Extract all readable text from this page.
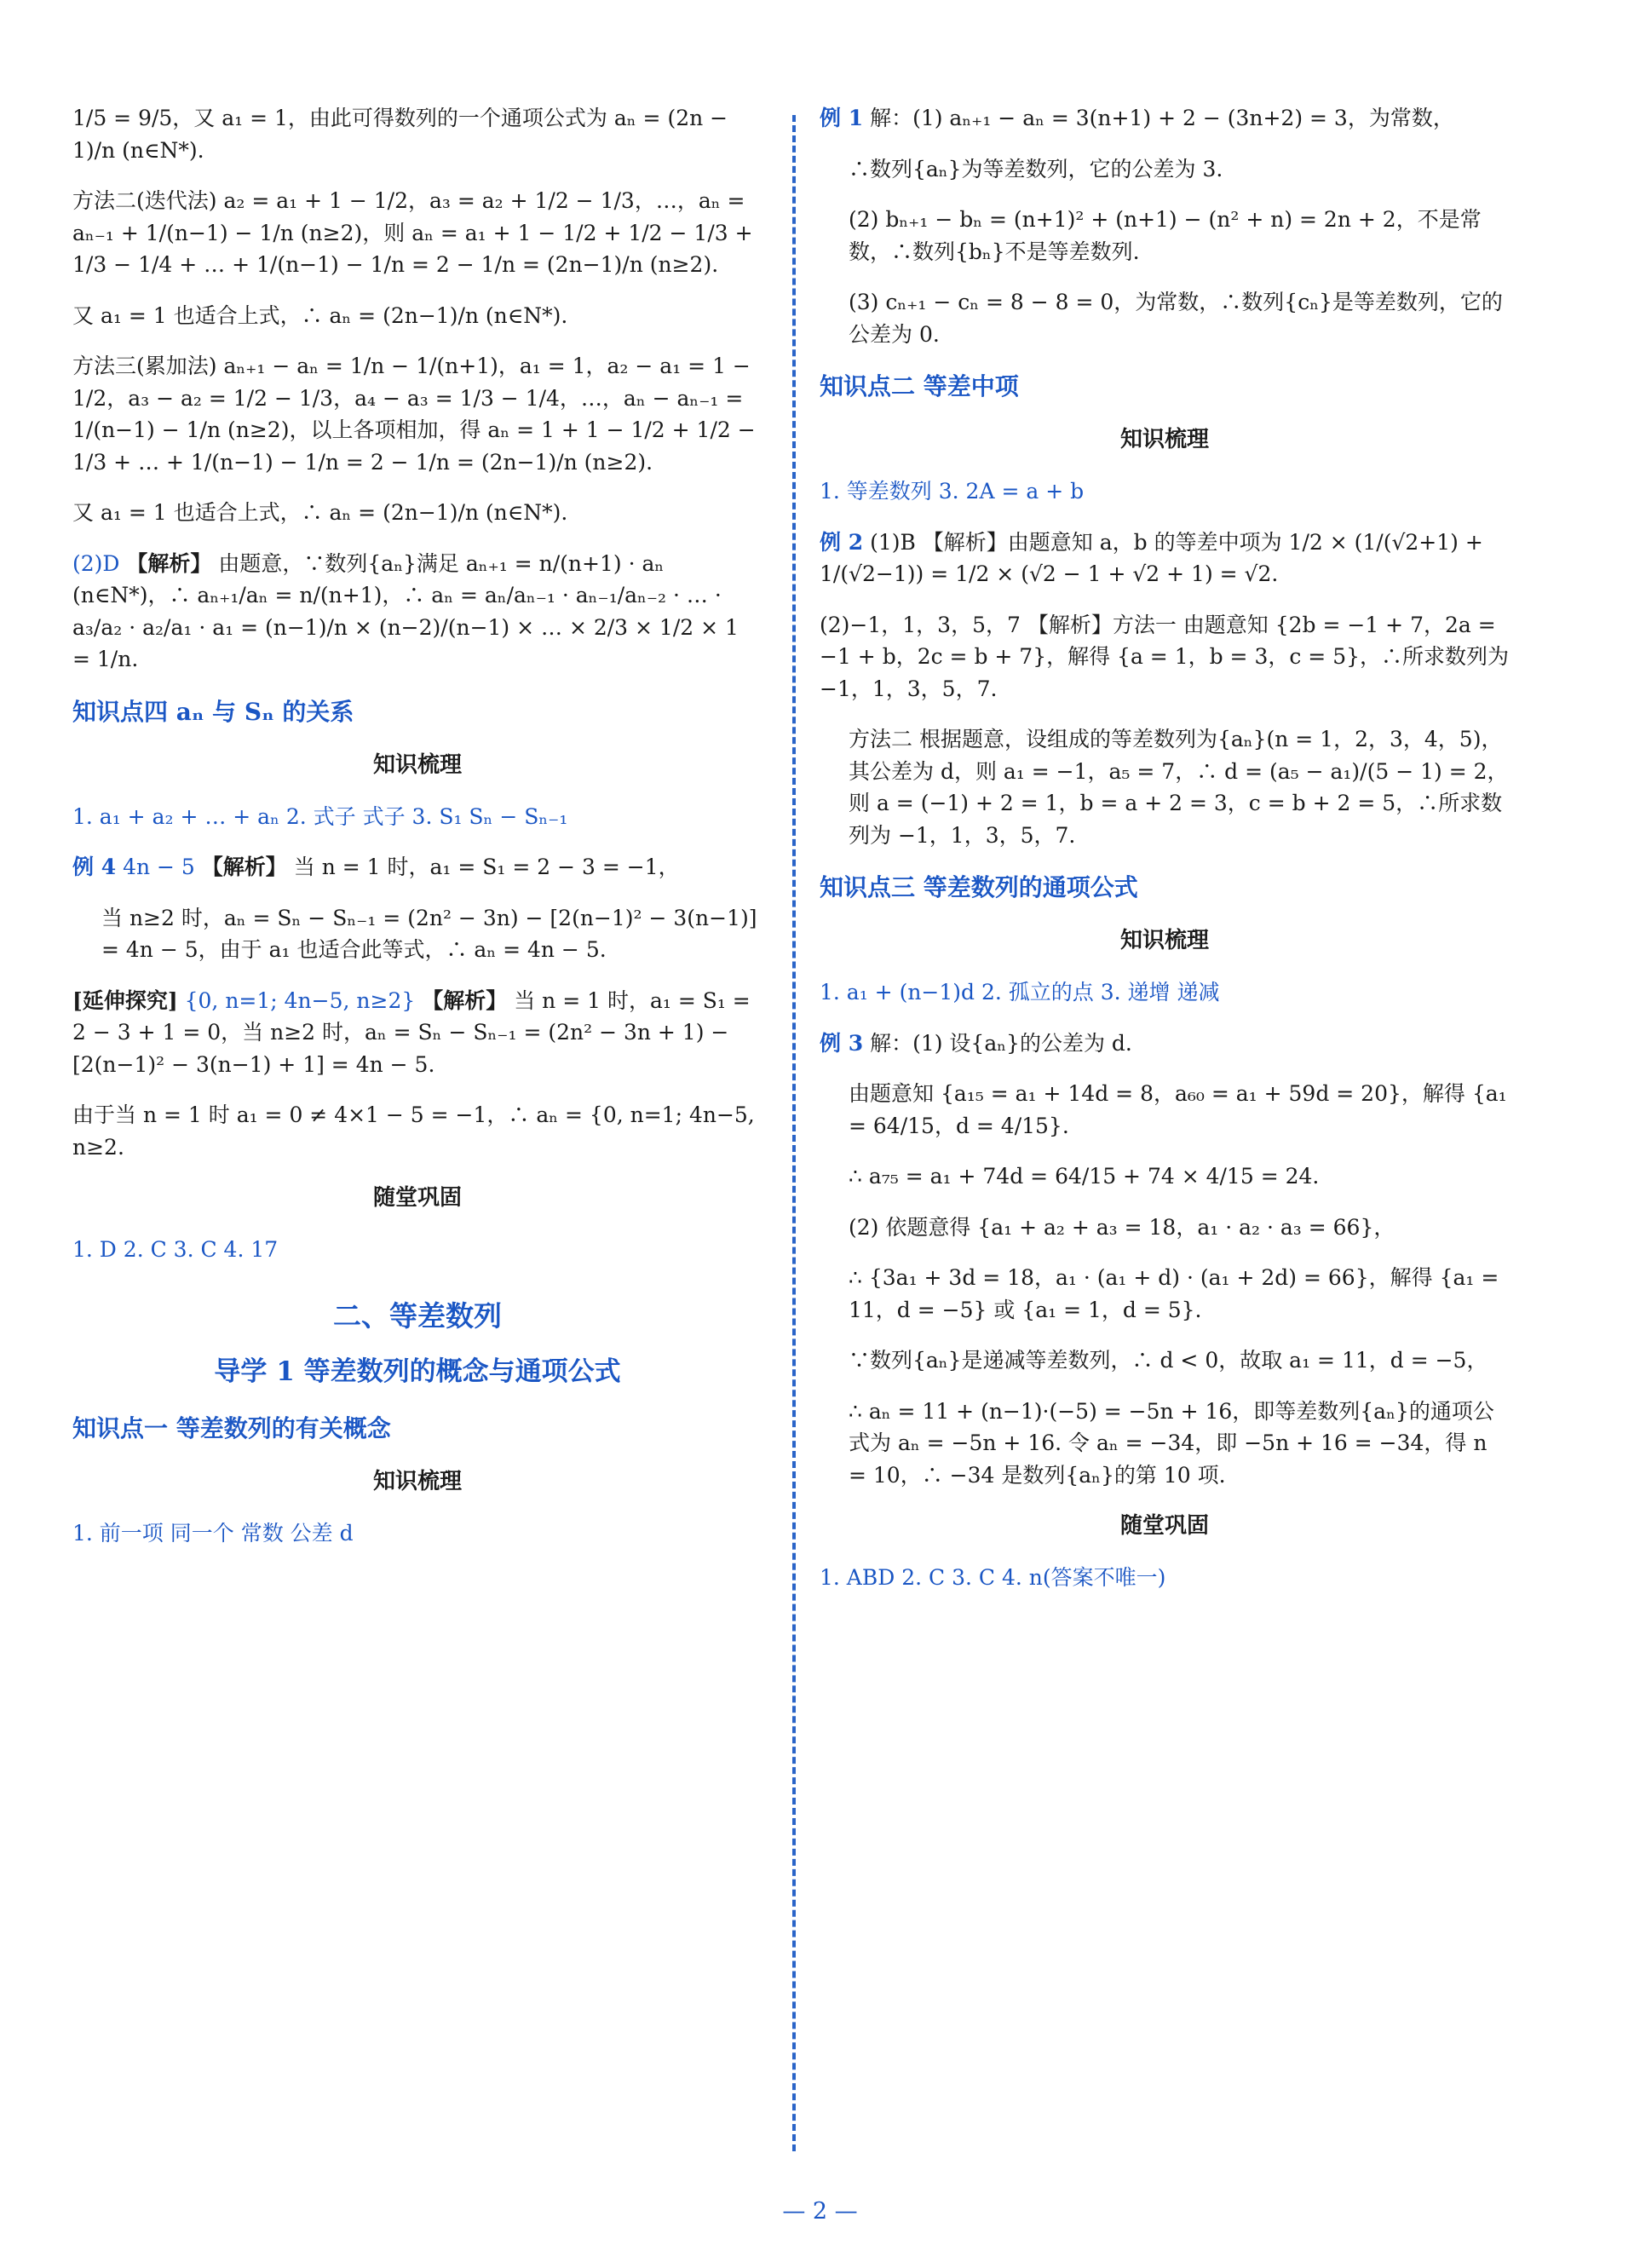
1/5 = 9/5，又 a₁ = 1，由此可得数列的一个通项公式为 aₙ = (2n − 1)/n (n∈N*).
方法二(迭代法) a₂ = a₁ + 1 − 1/2，a₃ = a₂ + 1/2 − 1/3，…，aₙ = aₙ₋₁ + 1/(n−1) − 1/n (n≥2)，则 aₙ = a₁ + 1 − 1/2 + 1/2 − 1/3 + 1/3 − 1/4 + … + 1/(n−1) − 1/n = 2 − 1/n = (2n−1)/n (n≥2).
又 a₁ = 1 也适合上式，∴ aₙ = (2n−1)/n (n∈N*).
方法三(累加法) aₙ₊₁ − aₙ = 1/n − 1/(n+1)，a₁ = 1，a₂ − a₁ = 1 − 1/2，a₃ − a₂ = 1/2 − 1/3，a₄ − a₃ = 1/3 − 1/4，…，aₙ − aₙ₋₁ = 1/(n−1) − 1/n (n≥2)，以上各项相加，得 aₙ = 1 + 1 − 1/2 + 1/2 − 1/3 + … + 1/(n−1) − 1/n = 2 − 1/n = (2n−1)/n (n≥2).
又 a₁ = 1 也适合上式，∴ aₙ = (2n−1)/n (n∈N*).
(2)D 【解析】 由题意，∵数列{aₙ}满足 aₙ₊₁ = n/(n+1) · aₙ (n∈N*)，∴ aₙ₊₁/aₙ = n/(n+1)，∴ aₙ = aₙ/aₙ₋₁ · aₙ₋₁/aₙ₋₂ · … · a₃/a₂ · a₂/a₁ · a₁ = (n−1)/n × (n−2)/(n−1) × … × 2/3 × 1/2 × 1 = 1/n.
知识点四 aₙ 与 Sₙ 的关系
知识梳理
1. a₁ + a₂ + … + aₙ 2. 式子 式子 3. S₁ Sₙ − Sₙ₋₁
例 4 4n − 5 【解析】 当 n = 1 时，a₁ = S₁ = 2 − 3 = −1，
当 n≥2 时，aₙ = Sₙ − Sₙ₋₁ = (2n² − 3n) − [2(n−1)² − 3(n−1)] = 4n − 5，由于 a₁ 也适合此等式，∴ aₙ = 4n − 5.
[延伸探究] {0, n=1; 4n−5, n≥2} 【解析】 当 n = 1 时，a₁ = S₁ = 2 − 3 + 1 = 0，当 n≥2 时，aₙ = Sₙ − Sₙ₋₁ = (2n² − 3n + 1) − [2(n−1)² − 3(n−1) + 1] = 4n − 5.
由于当 n = 1 时 a₁ = 0 ≠ 4×1 − 5 = −1，∴ aₙ = {0, n=1; 4n−5, n≥2.
随堂巩固
1. D 2. C 3. C 4. 17
二、等差数列
导学 1 等差数列的概念与通项公式
知识点一 等差数列的有关概念
知识梳理
1. 前一项 同一个 常数 公差 d
例 1 解：(1) aₙ₊₁ − aₙ = 3(n+1) + 2 − (3n+2) = 3，为常数，
∴数列{aₙ}为等差数列，它的公差为 3.
(2) bₙ₊₁ − bₙ = (n+1)² + (n+1) − (n² + n) = 2n + 2，不是常数，∴数列{bₙ}不是等差数列.
(3) cₙ₊₁ − cₙ = 8 − 8 = 0，为常数，∴数列{cₙ}是等差数列，它的公差为 0.
知识点二 等差中项
知识梳理
1. 等差数列 3. 2A = a + b
例 2 (1)B 【解析】由题意知 a，b 的等差中项为 1/2 × (1/(√2+1) + 1/(√2−1)) = 1/2 × (√2 − 1 + √2 + 1) = √2.
(2)−1，1，3，5，7 【解析】方法一 由题意知 {2b = −1 + 7，2a = −1 + b，2c = b + 7}，解得 {a = 1，b = 3，c = 5}，∴所求数列为 −1，1，3，5，7.
方法二 根据题意，设组成的等差数列为{aₙ}(n = 1，2，3，4，5)，其公差为 d，则 a₁ = −1，a₅ = 7，∴ d = (a₅ − a₁)/(5 − 1) = 2，则 a = (−1) + 2 = 1，b = a + 2 = 3，c = b + 2 = 5，∴所求数列为 −1，1，3，5，7.
知识点三 等差数列的通项公式
知识梳理
1. a₁ + (n−1)d 2. 孤立的点 3. 递增 递减
例 3 解：(1) 设{aₙ}的公差为 d.
由题意知 {a₁₅ = a₁ + 14d = 8，a₆₀ = a₁ + 59d = 20}，解得 {a₁ = 64/15，d = 4/15}.
∴ a₇₅ = a₁ + 74d = 64/15 + 74 × 4/15 = 24.
(2) 依题意得 {a₁ + a₂ + a₃ = 18，a₁ · a₂ · a₃ = 66}，
∴ {3a₁ + 3d = 18，a₁ · (a₁ + d) · (a₁ + 2d) = 66}，解得 {a₁ = 11，d = −5} 或 {a₁ = 1，d = 5}.
∵数列{aₙ}是递减等差数列，∴ d < 0，故取 a₁ = 11，d = −5，
∴ aₙ = 11 + (n−1)·(−5) = −5n + 16，即等差数列{aₙ}的通项公式为 aₙ = −5n + 16. 令 aₙ = −34，即 −5n + 16 = −34，得 n = 10，∴ −34 是数列{aₙ}的第 10 项.
随堂巩固
1. ABD 2. C 3. C 4. n(答案不唯一)
— 2 —
